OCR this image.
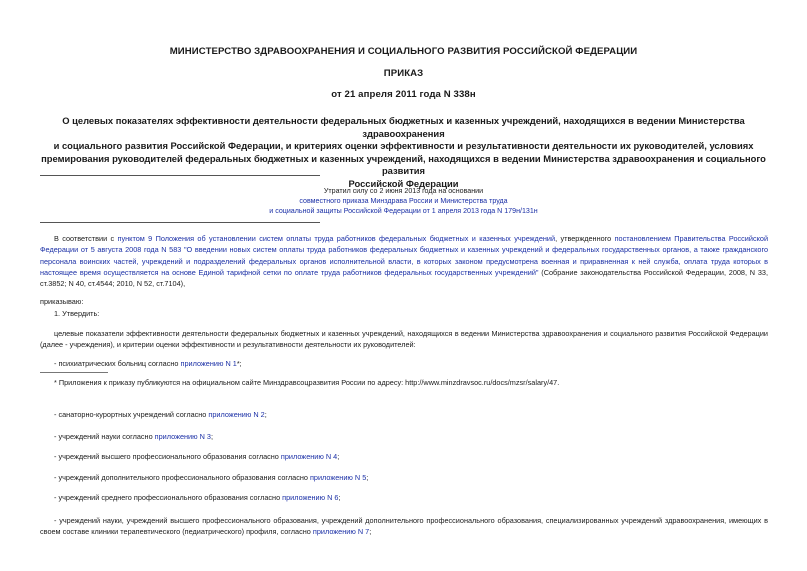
МИНИСТЕРСТВО ЗДРАВООХРАНЕНИЯ И СОЦИАЛЬНОГО РАЗВИТИЯ РОССИЙСКОЙ ФЕДЕРАЦИИ
ПРИКАЗ
от 21 апреля 2011 года N 338н
О целевых показателях эффективности деятельности федеральных бюджетных и казенных учреждений, находящихся в ведении Министерства здравоохранения
и социального развития Российской Федерации, и критериях оценки эффективности и результативности деятельности их руководителей, условиях
премирования руководителей федеральных бюджетных и казенных учреждений, находящихся в ведении Министерства здравоохранения и социального развития
Российской Федерации
Утратил силу со 2 июня 2013 года на основании
совместного приказа Минздрава России и Министерства труда
и социальной защиты Российской Федерации от 1 апреля 2013 года N 179н/131н

В соответствии с пунктом 9 Положения об установлении систем оплаты труда работников федеральных бюджетных и казенных учреждений, утвержденного постановлением Правительства Российской Федерации от 5 августа 2008 года N 583 "О введении новых систем оплаты труда работников федеральных бюджетных и казенных учреждений и федеральных государственных органов, а также гражданского персонала воинских частей, учреждений и подразделений федеральных органов исполнительной власти, в которых законом предусмотрена военная и приравненная к ней служба, оплата труда которых в настоящее время осуществляется на основе Единой тарифной сетки по оплате труда работников федеральных государственных учреждений" (Собрание законодательства Российской Федерации, 2008, N 33, ст.3852; N 40, ст.4544; 2010, N 52, ст.7104),

приказываю:
1. Утвердить:

целевые показатели эффективности деятельности федеральных бюджетных и казенных учреждений, находящихся в ведении Министерства здравоохранения и социального развития Российской Федерации (далее - учреждения), и критерии оценки эффективности и результативности деятельности их руководителей:

- психиатрических больниц согласно приложению N 1*;
* Приложения к приказу публикуются на официальном сайте Минздравсоцразвития России по адресу: http://www.minzdravsoc.ru/docs/mzsr/salary/47.
- санаторно-курортных учреждений согласно приложению N 2;
- учреждений науки согласно приложению N 3;
- учреждений высшего профессионального образования согласно приложению N 4;
- учреждений дополнительного профессионального образования согласно приложению N 5;
- учреждений среднего профессионального образования согласно приложению N 6;

- учреждений науки, учреждений высшего профессионального образования, учреждений дополнительного профессионального образования, специализированных учреждений здравоохранения, имеющих в своем составе клиники терапевтического (педиатрического) профиля, согласно приложению N 7;
